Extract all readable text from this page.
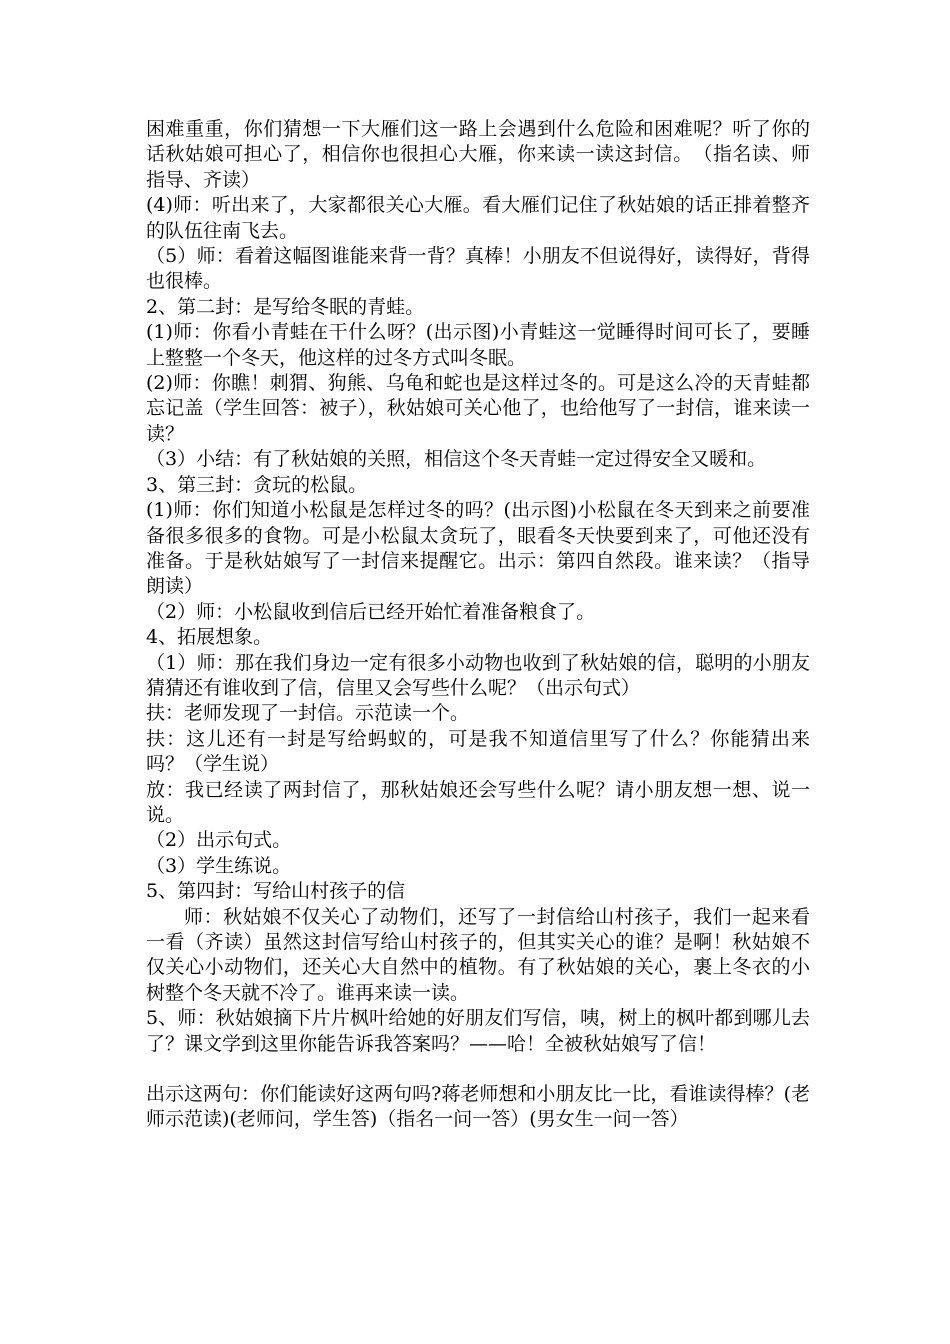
困难重重，你们猜想一下大雁们这一路上会遇到什么危险和困难呢？听了你的话秋姑娘可担心了，相信你也很担心大雁，你来读一读这封信。　（指名读、师指导、齐读）

(4)师：听出来了，大家都很关心大雁。看大雁们记住了秋姑娘的话正排着整齐的队伍往南飞去。

（5）师：看着这幅图谁能来背一背？真棒！小朋友不但说得好，读得好，背得也很棒。

2、第二封：是写给冬眠的青蛙。

(1)师：你看小青蛙在干什么呀？(出示图)小青蛙这一觉睡得时间可长了，要睡上整整一个冬天，他这样的过冬方式叫冬眠。

(2)师：你瞧！刺猬、狗熊、乌龟和蛇也是这样过冬的。可是这么冷的天青蛙都忘记盖（学生回答：被子），秋姑娘可关心他了，也给他写了一封信，谁来读一读？

（3）小结：有了秋姑娘的关照，相信这个冬天青蛙一定过得安全又暖和。

3、第三封：贪玩的松鼠。

(1)师：你们知道小松鼠是怎样过冬的吗？(出示图)小松鼠在冬天到来之前要准备很多很多的食物。可是小松鼠太贪玩了，眼看冬天快要到来了，可他还没有准备。于是秋姑娘写了一封信来提醒它。出示：第四自然段。谁来读？（指导朗读）

（2）师：小松鼠收到信后已经开始忙着准备粮食了。

4、拓展想象。

（1）师：那在我们身边一定有很多小动物也收到了秋姑娘的信，聪明的小朋友猜猜还有谁收到了信，信里又会写些什么呢？（出示句式）

扶：老师发现了一封信。示范读一个。

扶：这儿还有一封是写给蚂蚁的，可是我不知道信里写了什么？你能猜出来吗？（学生说）

放：我已经读了两封信了，那秋姑娘还会写些什么呢？请小朋友想一想、说一说。

（2）出示句式。

（3）学生练说。

5、第四封：写给山村孩子的信

师：秋姑娘不仅关心了动物们，还写了一封信给山村孩子，我们一起来看一看（齐读）虽然这封信写给山村孩子的，但其实关心的谁？是啊！秋姑娘不仅关心小动物们，还关心大自然中的植物。有了秋姑娘的关心，裹上冬衣的小树整个冬天就不冷了。谁再来读一读。

5、师：秋姑娘摘下片片枫叶给她的好朋友们写信，咦，树上的枫叶都到哪儿去了？课文学到这里你能告诉我答案吗？——哈！全被秋姑娘写了信！

出示这两句：你们能读好这两句吗?蒋老师想和小朋友比一比，看谁读得棒？(老师示范读)(老师问，学生答)（指名一问一答）(男女生一问一答）
